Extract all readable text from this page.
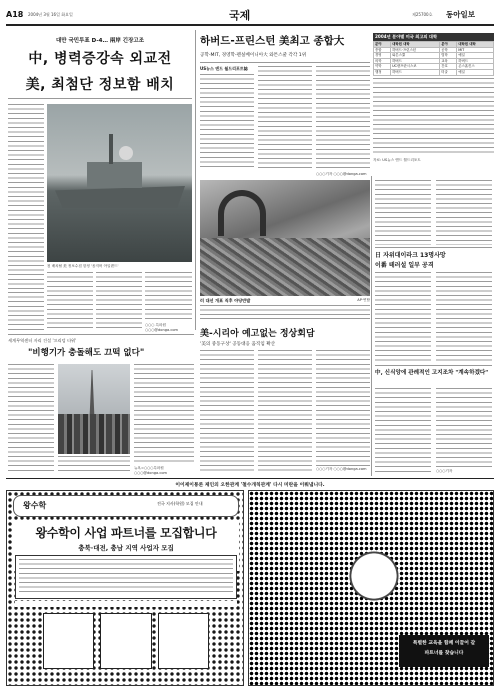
A18 2004년 3월 16일 화요일	국제	제25700호 동아일보
대만 국민투표 D-4… 兩岸 긴장고조
中, 병력증강속 외교전
美, 최첨단 정보함 배치
첫 배치될 美 정보수집 함정 '옵저버 아일랜드'
○○○ 특파원 ○○○@donga.com
하버드-프린스턴 美최고 종합大
공학-MIT, 경영학-펜실베이니아大 와튼스쿨 각각 1위
US뉴스 앤드 월드리포트誌
2004년 분야별 미국 최고의 대학
분야	대학원 대학	분야	대학원 대학
종합	하버드·프린스턴	공학	MIT
경영	와튼스쿨	법학	예일
의학	하버드	교육	하버드
약학	UC샌프란시스코	간호	존스홉킨스
행정	하버드	미술	예일
자료: US뉴스 앤드 월드리포트
○○○기자 ○○○@donga.com
러 대선 개표 직후 야당반발	AP·연합
日 자위대이라크 13명사망
이番 테러설 일부 공격
美-시리아 예고없는 정상회담
'美의 중동구상' 공동대응 움직임 확산
○○○기자 ○○○@donga.com
中, 신식앙에 관례적인 고지조차 "계속하겠다"
○○○기자
세계무역센터 자리 건설 '프리덤 타워'
"비행기가 충돌해도 끄떡 없다"
뉴욕=○○○특파원 ○○○@donga.com
이이제이통론 제인의 오한관계 '철수개칙관계' 다시 미란을 이뤄냅니다.
왕수학	전국 지사(학원) 모집 안내
왕수학이 사업 파트너를 모집합니다
충북·대전, 충남 지역 사업자 모집
특별한 교육을 함께 이끌어 갈
파트너를 찾습니다
